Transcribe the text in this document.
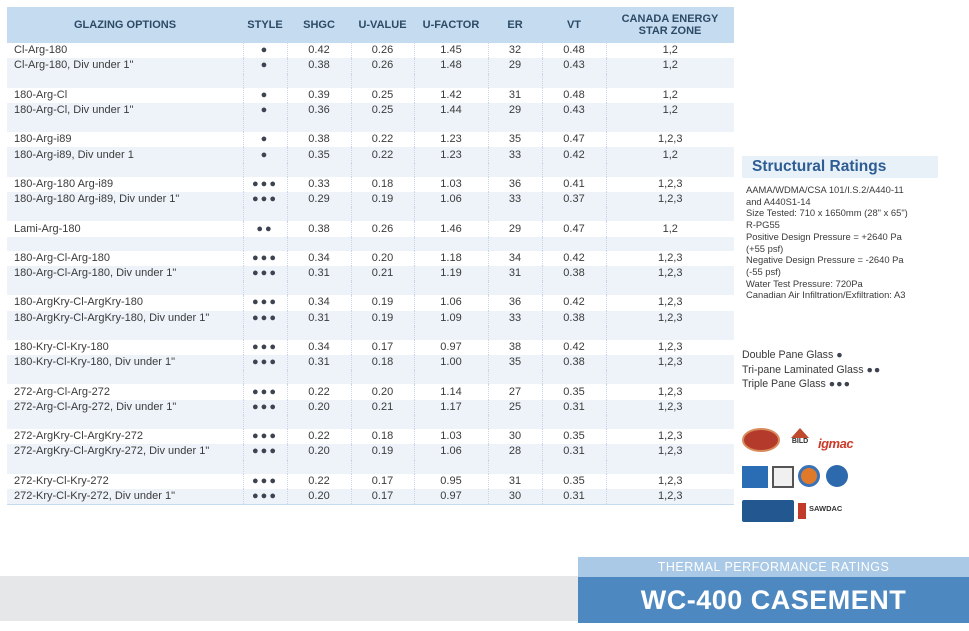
GLAZING OPTIONS	STYLE	SHGC	U-VALUE	U-FACTOR	ER	VT	CANADA ENERGY STAR ZONE
Cl-Arg-180	●	0.42	0.26	1.45	32	0.48	1,2
Cl-Arg-180, Div under 1"	●	0.38	0.26	1.48	29	0.43	1,2

180-Arg-Cl	●	0.39	0.25	1.42	31	0.48	1,2
180-Arg-Cl, Div under 1"	●	0.36	0.25	1.44	29	0.43	1,2

180-Arg-i89	●	0.38	0.22	1.23	35	0.47	1,2,3
180-Arg-i89, Div under 1	●	0.35	0.22	1.23	33	0.42	1,2

180-Arg-180 Arg-i89	●●●	0.33	0.18	1.03	36	0.41	1,2,3
180-Arg-180 Arg-i89, Div under 1"	●●●	0.29	0.19	1.06	33	0.37	1,2,3

Lami-Arg-180	●●	0.38	0.26	1.46	29	0.47	1,2

180-Arg-Cl-Arg-180	●●●	0.34	0.20	1.18	34	0.42	1,2,3
180-Arg-Cl-Arg-180, Div under 1"	●●●	0.31	0.21	1.19	31	0.38	1,2,3

180-ArgKry-Cl-ArgKry-180	●●●	0.34	0.19	1.06	36	0.42	1,2,3
180-ArgKry-Cl-ArgKry-180, Div under 1"	●●●	0.31	0.19	1.09	33	0.38	1,2,3

180-Kry-Cl-Kry-180	●●●	0.34	0.17	0.97	38	0.42	1,2,3
180-Kry-Cl-Kry-180, Div under 1"	●●●	0.31	0.18	1.00	35	0.38	1,2,3

272-Arg-Cl-Arg-272	●●●	0.22	0.20	1.14	27	0.35	1,2,3
272-Arg-Cl-Arg-272, Div under 1"	●●●	0.20	0.21	1.17	25	0.31	1,2,3

272-ArgKry-Cl-ArgKry-272	●●●	0.22	0.18	1.03	30	0.35	1,2,3
272-ArgKry-Cl-ArgKry-272, Div under 1"	●●●	0.20	0.19	1.06	28	0.31	1,2,3

272-Kry-Cl-Kry-272	●●●	0.22	0.17	0.95	31	0.35	1,2,3
272-Kry-Cl-Kry-272, Div under 1"	●●●	0.20	0.17	0.97	30	0.31	1,2,3
Structural Ratings
AAMA/WDMA/CSA 101/I.S.2/A440-11
and A440S1-14
Size Tested: 710 x 1650mm (28" x 65")
R-PG55
Positive Design Pressure = +2640 Pa
(+55 psf)
Negative Design Pressure = -2640 Pa
(-55 psf)
Water Test Pressure: 720Pa
Canadian Air Infiltration/Exfiltration: A3
Double Pane Glass ●
Tri-pane Laminated Glass ●●
Triple Pane Glass ●●●
BILD igmac
SAWDAC
THERMAL PERFORMANCE RATINGS
WC-400 CASEMENT
